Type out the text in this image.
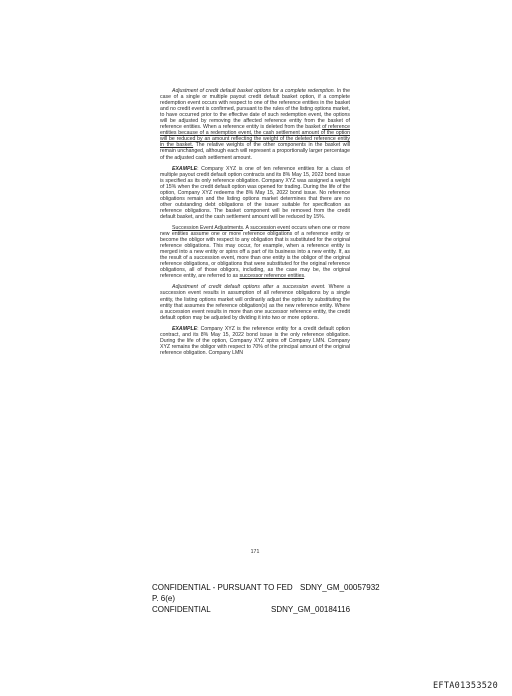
Adjustment of credit default basket options for a complete redemption. In the case of a single or multiple payout credit default basket option, if a complete redemption event occurs with respect to one of the reference entities in the basket and no credit event is confirmed, pursuant to the rules of the listing options market, to have occurred prior to the effective date of such redemption event, the options will be adjusted by removing the affected reference entity from the basket of reference entities. When a reference entity is deleted from the basket of reference entities because of a redemption event, the cash settlement amount of the option will be reduced by an amount reflecting the weight of the deleted reference entity in the basket. The relative weights of the other components in the basket will remain unchanged, although each will represent a proportionally larger percentage of the adjusted cash settlement amount.

EXAMPLE: Company XYZ is one of ten reference entities for a class of multiple payout credit default option contracts and its 8% May 15, 2022 bond issue is specified as its only reference obligation. Company XYZ was assigned a weight of 15% when the credit default option was opened for trading. During the life of the option, Company XYZ redeems the 8% May 15, 2022 bond issue. No reference obligations remain and the listing options market determines that there are no other outstanding debt obligations of the issuer suitable for specification as reference obligations. The basket component will be removed from the credit default basket, and the cash settlement amount will be reduced by 15%.

Succession Event Adjustments. A succession event occurs when one or more new entities assume one or more reference obligations of a reference entity or become the obligor with respect to any obligation that is substituted for the original reference obligations. This may occur, for example, when a reference entity is merged into a new entity or spins off a part of its business into a new entity. If, as the result of a succession event, more than one entity is the obligor of the original reference obligations, or obligations that were substituted for the original reference obligations, all of those obligors, including, as the case may be, the original reference entity, are referred to as successor reference entities.

Adjustment of credit default options after a succession event. Where a succession event results in assumption of all reference obligations by a single entity, the listing options market will ordinarily adjust the option by substituting the entity that assumes the reference obligation(s) as the new reference entity. Where a succession event results in more than one successor reference entity, the credit default option may be adjusted by dividing it into two or more options.

EXAMPLE: Company XYZ is the reference entity for a credit default option contract, and its 8% May 15, 2022 bond issue is the only reference obligation. During the life of the option, Company XYZ spins off Company LMN. Company XYZ remains the obligor with respect to 70% of the principal amount of the original reference obligation. Company LMN

171
CONFIDENTIAL - PURSUANT TO FED SDNY_GM_00057932
P. 6(e)
CONFIDENTIAL	SDNY_GM_00184116
EFTA01353520
